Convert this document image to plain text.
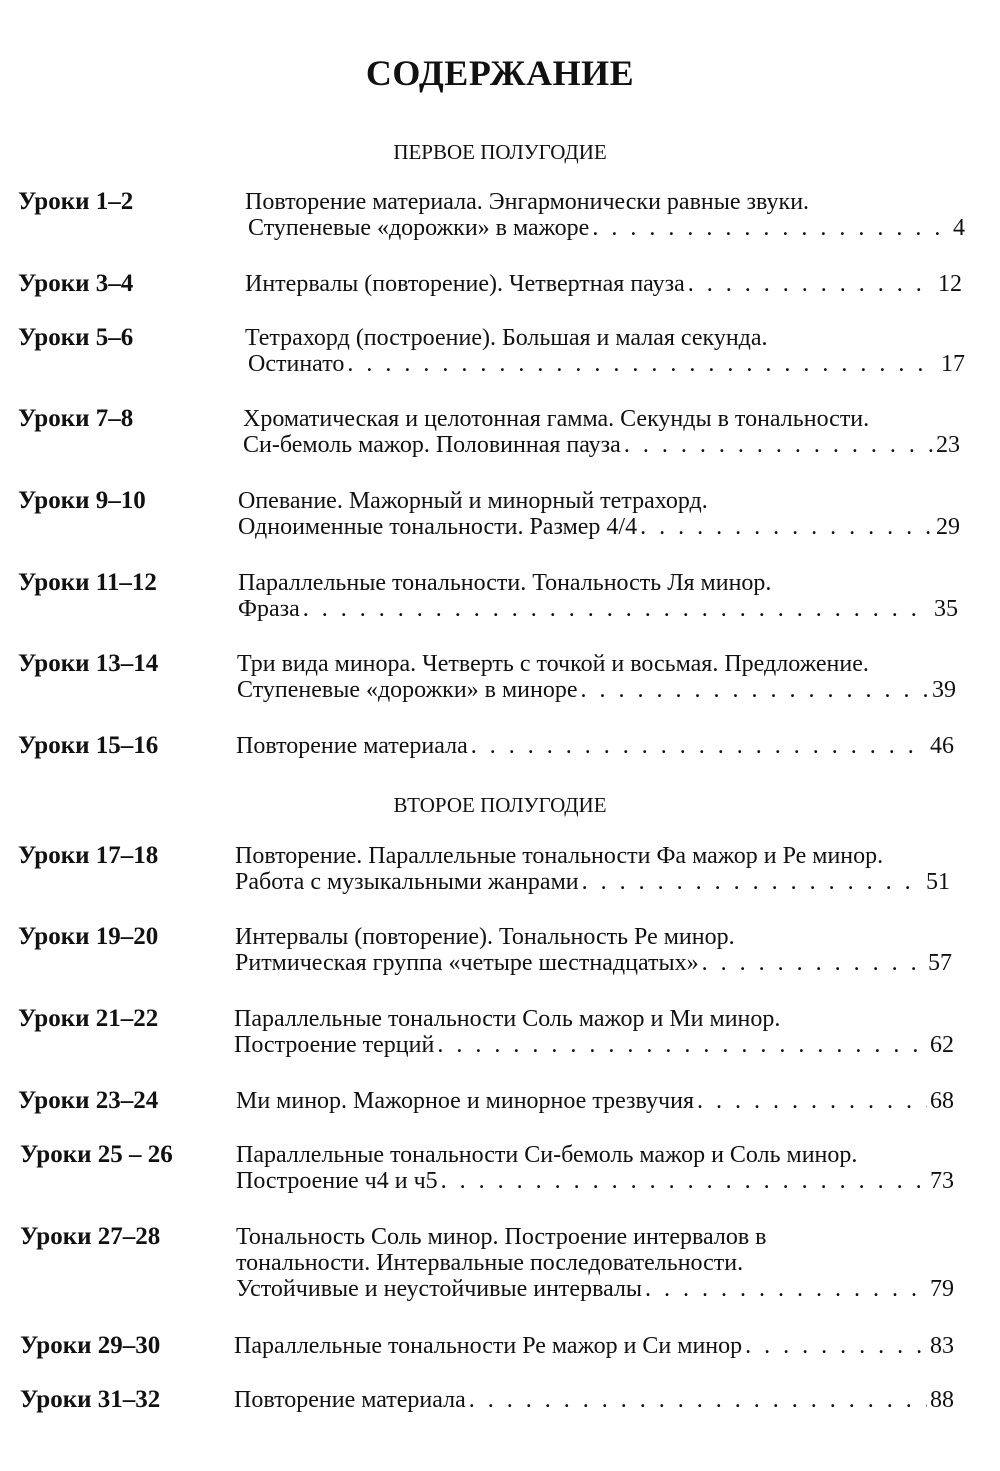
СОДЕРЖАНИЕ
ПЕРВОЕ ПОЛУГОДИЕ
ВТОРОЕ ПОЛУГОДИЕ
Уроки 1–2	Повторение материала. Энгармонически равные звуки.
Ступеневые «дорожки» в мажоре . . .	4
Уроки 3–4	Интервалы (повторение). Четвертная пауза . . .	12
Уроки 5–6	Тетрахорд (построение). Большая и малая секунда.
Остинато . . .	17
Уроки 7–8	Хроматическая и целотонная гамма. Секунды в тональности.
Си-бемоль мажор. Половинная пауза . . .	23
Уроки 9–10	Опевание. Мажорный и минорный тетрахорд.
Одноименные тональности. Размер 4/4 . . .	29
Уроки 11–12	Параллельные тональности. Тональность Ля минор.
Фраза . . .	35
Уроки 13–14	Три вида минора. Четверть с точкой и восьмая. Предложение.
Ступеневые «дорожки» в миноре . . .	39
Уроки 15–16	Повторение материала . . .	46
Уроки 17–18	Повторение. Параллельные тональности Фа мажор и Ре минор.
Работа с музыкальными жанрами . . .	51
Уроки 19–20	Интервалы (повторение). Тональность Ре минор.
Ритмическая группа «четыре шестнадцатых» . . .	57
Уроки 21–22	Параллельные тональности Соль мажор и Ми минор.
Построение терций . . .	62
Уроки 23–24	Ми минор. Мажорное и минорное трезвучия . . .	68
Уроки 25 – 26	Параллельные тональности Си-бемоль мажор и Соль минор.
Построение ч4 и ч5 . . .	73
Уроки 27–28	Тональность Соль минор. Построение интервалов в
тональности. Интервальные последовательности.
Устойчивые и неустойчивые интервалы . . .	79
Уроки 29–30	Параллельные тональности Ре мажор и Си минор . . .	83
Уроки 31–32	Повторение материала . . .	88
